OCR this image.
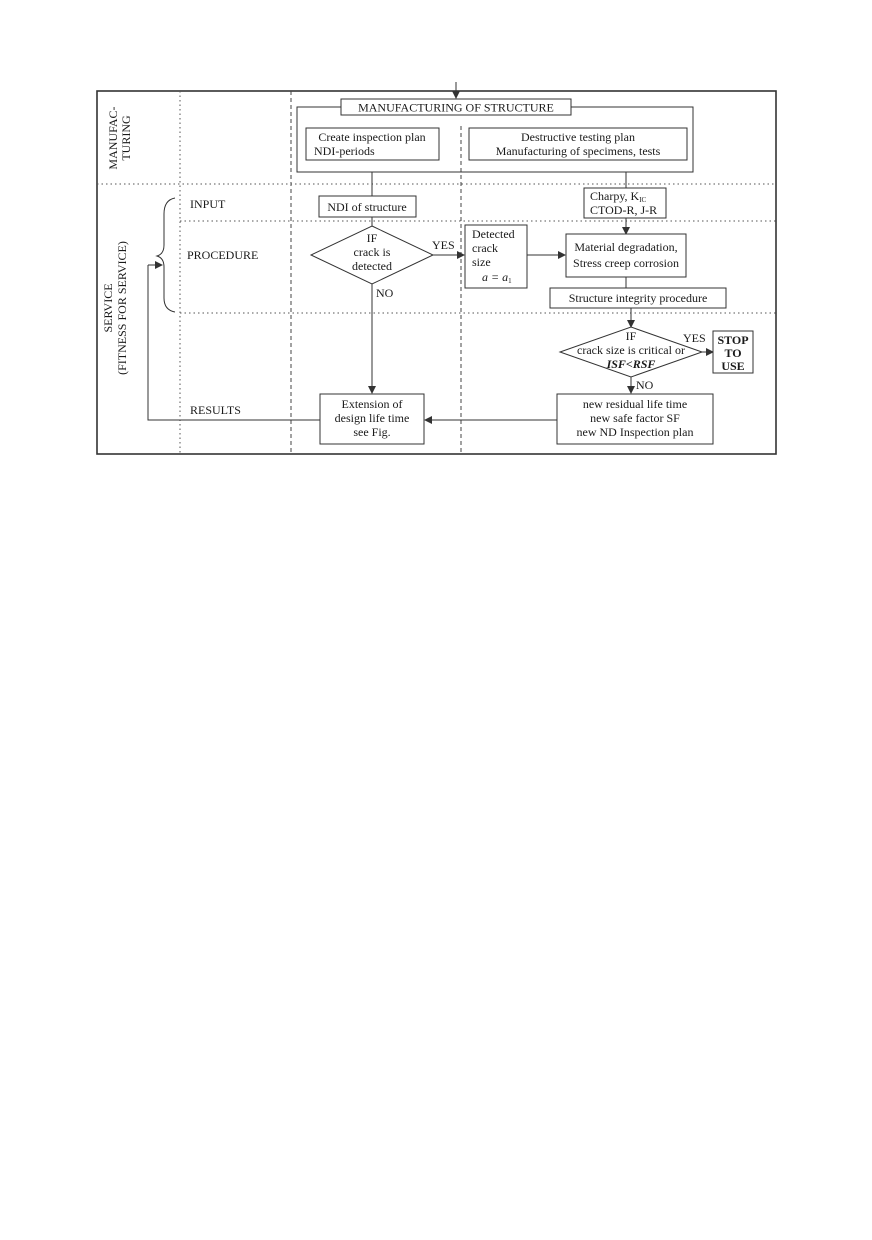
MANUFAC- TURING
SERVICE (FITNESS FOR SERVICE)
INPUT
PROCEDURE
RESULTS
MANUFACTURING OF STRUCTURE
Create inspection plan
NDI-periods
Destructive testing plan
Manufacturing of specimens, tests
NDI of structure
Charpy, KIC
CTOD-R, J-R
IF
crack is
detected
YES
Detected
crack
size
a = a1
Material degradation,
Stress creep corrosion
Structure integrity procedure
IF
crack size is critical or
ISF<RSF
YES STOP
TO
USE
NO
new residual life time
new safe factor SF
new ND Inspection plan
NO
Extension of
design life time
see Fig.
